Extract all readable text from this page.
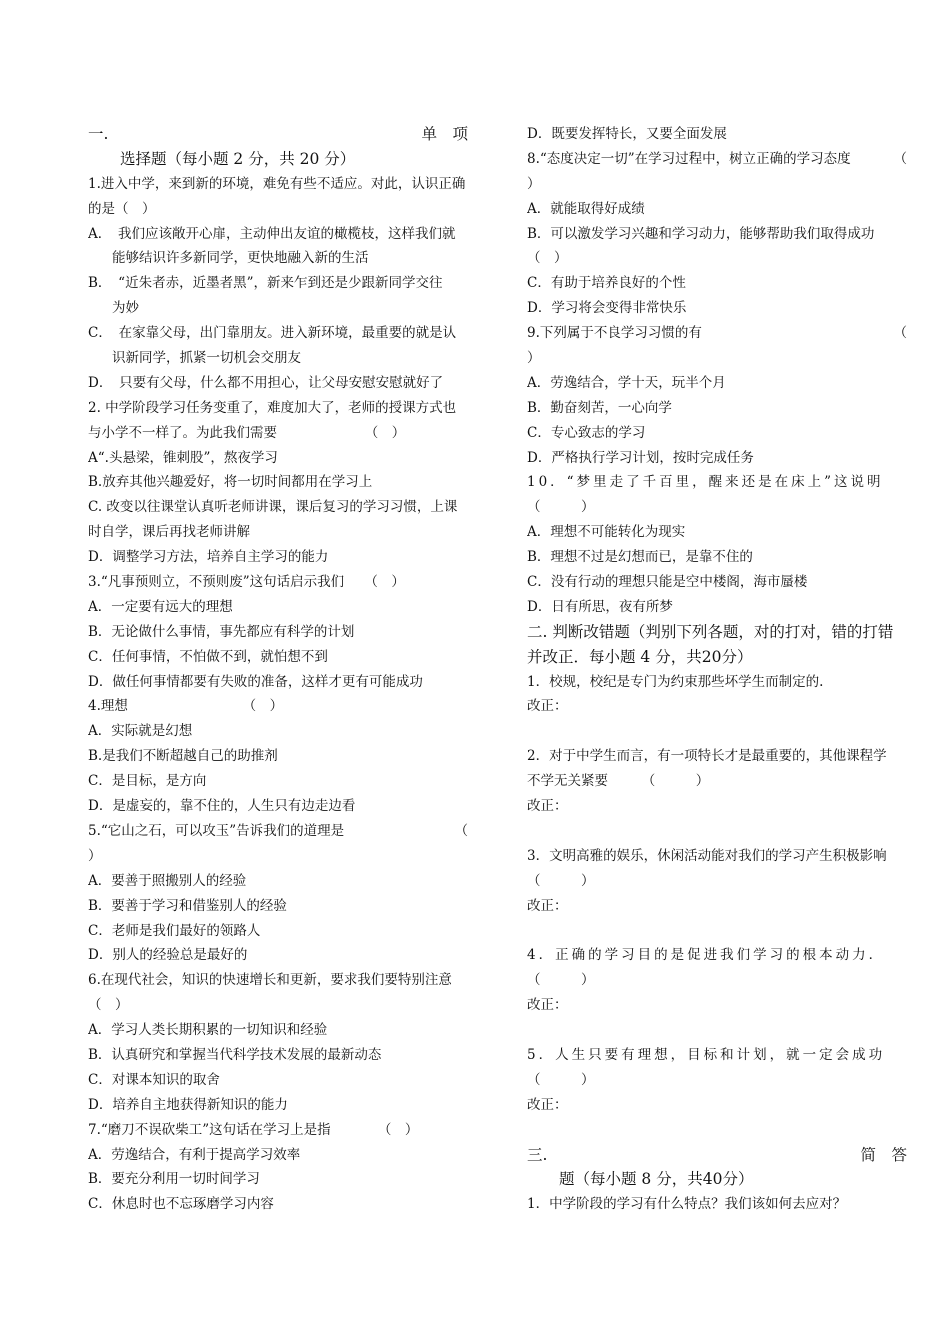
一.	单　项
选择题（每小题 2 分，共 20 分）
1.进入中学，来到新的环境，难免有些不适应。对此，认识正确
的是（　）
A．　我们应该敞开心扉，主动伸出友谊的橄榄枝，这样我们就
能够结识许多新同学，更快地融入新的生活
B．　“近朱者赤，近墨者黑”，新来乍到还是少跟新同学交往
为妙
C．　在家靠父母，出门靠朋友。进入新环境，最重要的就是认
识新同学，抓紧一切机会交朋友
D．　只要有父母，什么都不用担心，让父母安慰安慰就好了
2. 中学阶段学习任务变重了，难度加大了，老师的授课方式也
与小学不一样了。为此我们需要　　　　　　　（　）
A“.头悬梁，锥刺股”，熬夜学习
B.放弃其他兴趣爱好，将一切时间都用在学习上
C. 改变以往课堂认真听老师讲课，课后复习的学习习惯，上课
时自学，课后再找老师讲解
D．调整学习方法，培养自主学习的能力
3.“凡事预则立，不预则废”这句话启示我们　　（　）
A．一定要有远大的理想
B．无论做什么事情，事先都应有科学的计划
C．任何事情，不怕做不到，就怕想不到
D．做任何事情都要有失败的准备，这样才更有可能成功
4.理想　　　　　　　　　（　）
A．实际就是幻想
B.是我们不断超越自己的助推剂
C．是目标，是方向
D．是虚妄的，靠不住的，人生只有边走边看
5.“它山之石，可以攻玉”告诉我们的道理是	（
）
A．要善于照搬别人的经验
B．要善于学习和借鉴别人的经验
C．老师是我们最好的领路人
D．别人的经验总是最好的
6.在现代社会，知识的快速增长和更新，要求我们要特别注意
（　）
A．学习人类长期积累的一切知识和经验
B．认真研究和掌握当代科学技术发展的最新动态
C．对课本知识的取舍
D．培养自主地获得新知识的能力
7.“磨刀不误砍柴工”这句话在学习上是指　　　　（　）
A．劳逸结合，有利于提高学习效率
B．要充分利用一切时间学习
C．休息时也不忘琢磨学习内容
D．既要发挥特长，又要全面发展
8.“态度决定一切”在学习过程中，树立正确的学习态度	（
）
A．就能取得好成绩
B．可以激发学习兴趣和学习动力，能够帮助我们取得成功
（　）
C．有助于培养良好的个性
D．学习将会变得非常快乐
9.下列属于不良学习习惯的有	（
）
A．劳逸结合，学十天，玩半个月
B．勤奋刻苦，一心向学
C．专心致志的学习
D．严格执行学习计划，按时完成任务
10．“梦里走了千百里，醒来还是在床上”这说明
（　　　）
A．理想不可能转化为现实
B．理想不过是幻想而已，是靠不住的
C．没有行动的理想只能是空中楼阁，海市蜃楼
D．日有所思，夜有所梦
二. 判断改错题（判别下列各题，对的打对，错的打错
并改正．每小题 4 分，共20分）
1．校规，校纪是专门为约束那些坏学生而制定的.
改正：
2．对于中学生而言，有一项特长才是最重要的，其他课程学
不学无关紧要　　　（　　　）
改正：
3．文明高雅的娱乐，休闲活动能对我们的学习产生积极影响
（　　　）
改正：
4．正确的学习目的是促进我们学习的根本动力．
（　　　）
改正：
5．人生只要有理想，目标和计划，就一定会成功
（　　　）
改正：
三.	简　答
题（每小题 8 分，共40分）
1．中学阶段的学习有什么特点？我们该如何去应对？
